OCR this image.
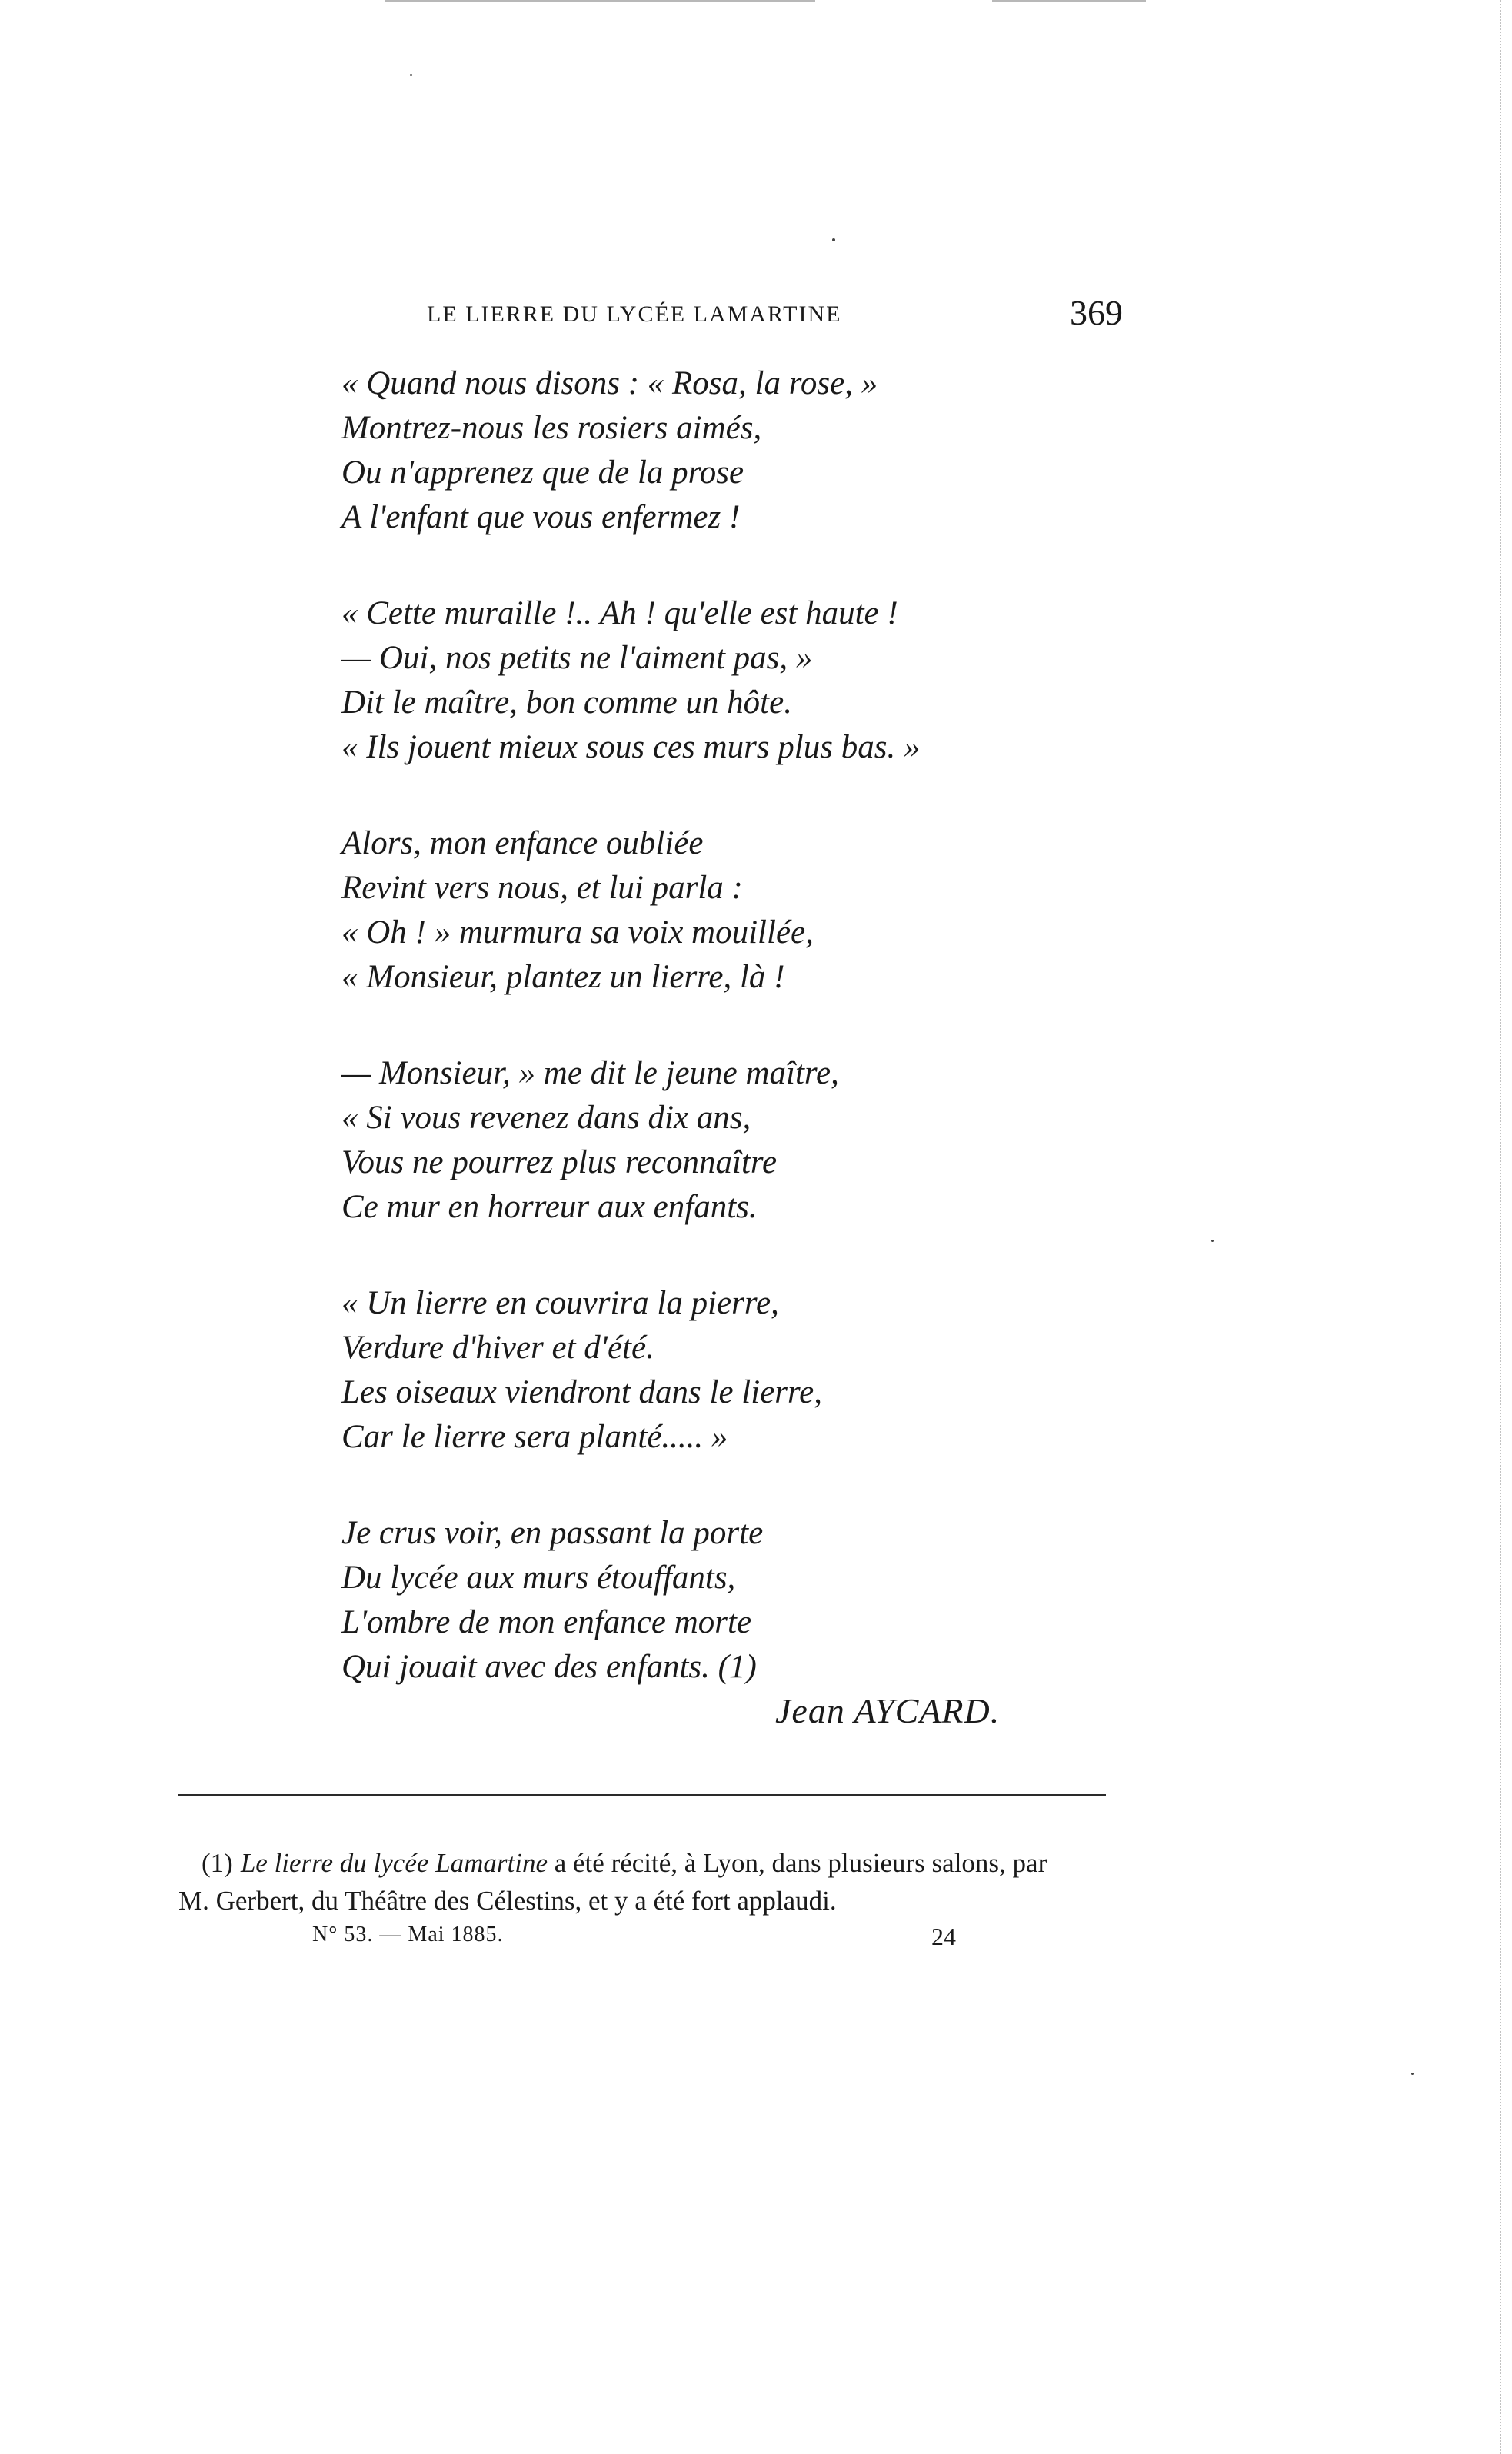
LE LIERRE DU LYCÉE LAMARTINE	369
« Quand nous disons : « Rosa, la rose, »
Montrez-nous les rosiers aimés,
Ou n'apprenez que de la prose
A l'enfant que vous enfermez !
« Cette muraille !.. Ah ! qu'elle est haute !
— Oui, nos petits ne l'aiment pas, »
Dit le maître, bon comme un hôte.
« Ils jouent mieux sous ces murs plus bas. »
Alors, mon enfance oubliée
Revint vers nous, et lui parla :
« Oh ! » murmura sa voix mouillée,
« Monsieur, plantez un lierre, là !
— Monsieur, » me dit le jeune maître,
« Si vous revenez dans dix ans,
Vous ne pourrez plus reconnaître
Ce mur en horreur aux enfants.
« Un lierre en couvrira la pierre,
Verdure d'hiver et d'été.
Les oiseaux viendront dans le lierre,
Car le lierre sera planté..... »
Je crus voir, en passant la porte
Du lycée aux murs étouffants,
L'ombre de mon enfance morte
Qui jouait avec des enfants. (1)
Jean AYCARD.
(1) Le lierre du lycée Lamartine a été récité, à Lyon, dans plusieurs salons, par
M. Gerbert, du Théâtre des Célestins, et y a été fort applaudi.
N° 53. — Mai 1885.	24
